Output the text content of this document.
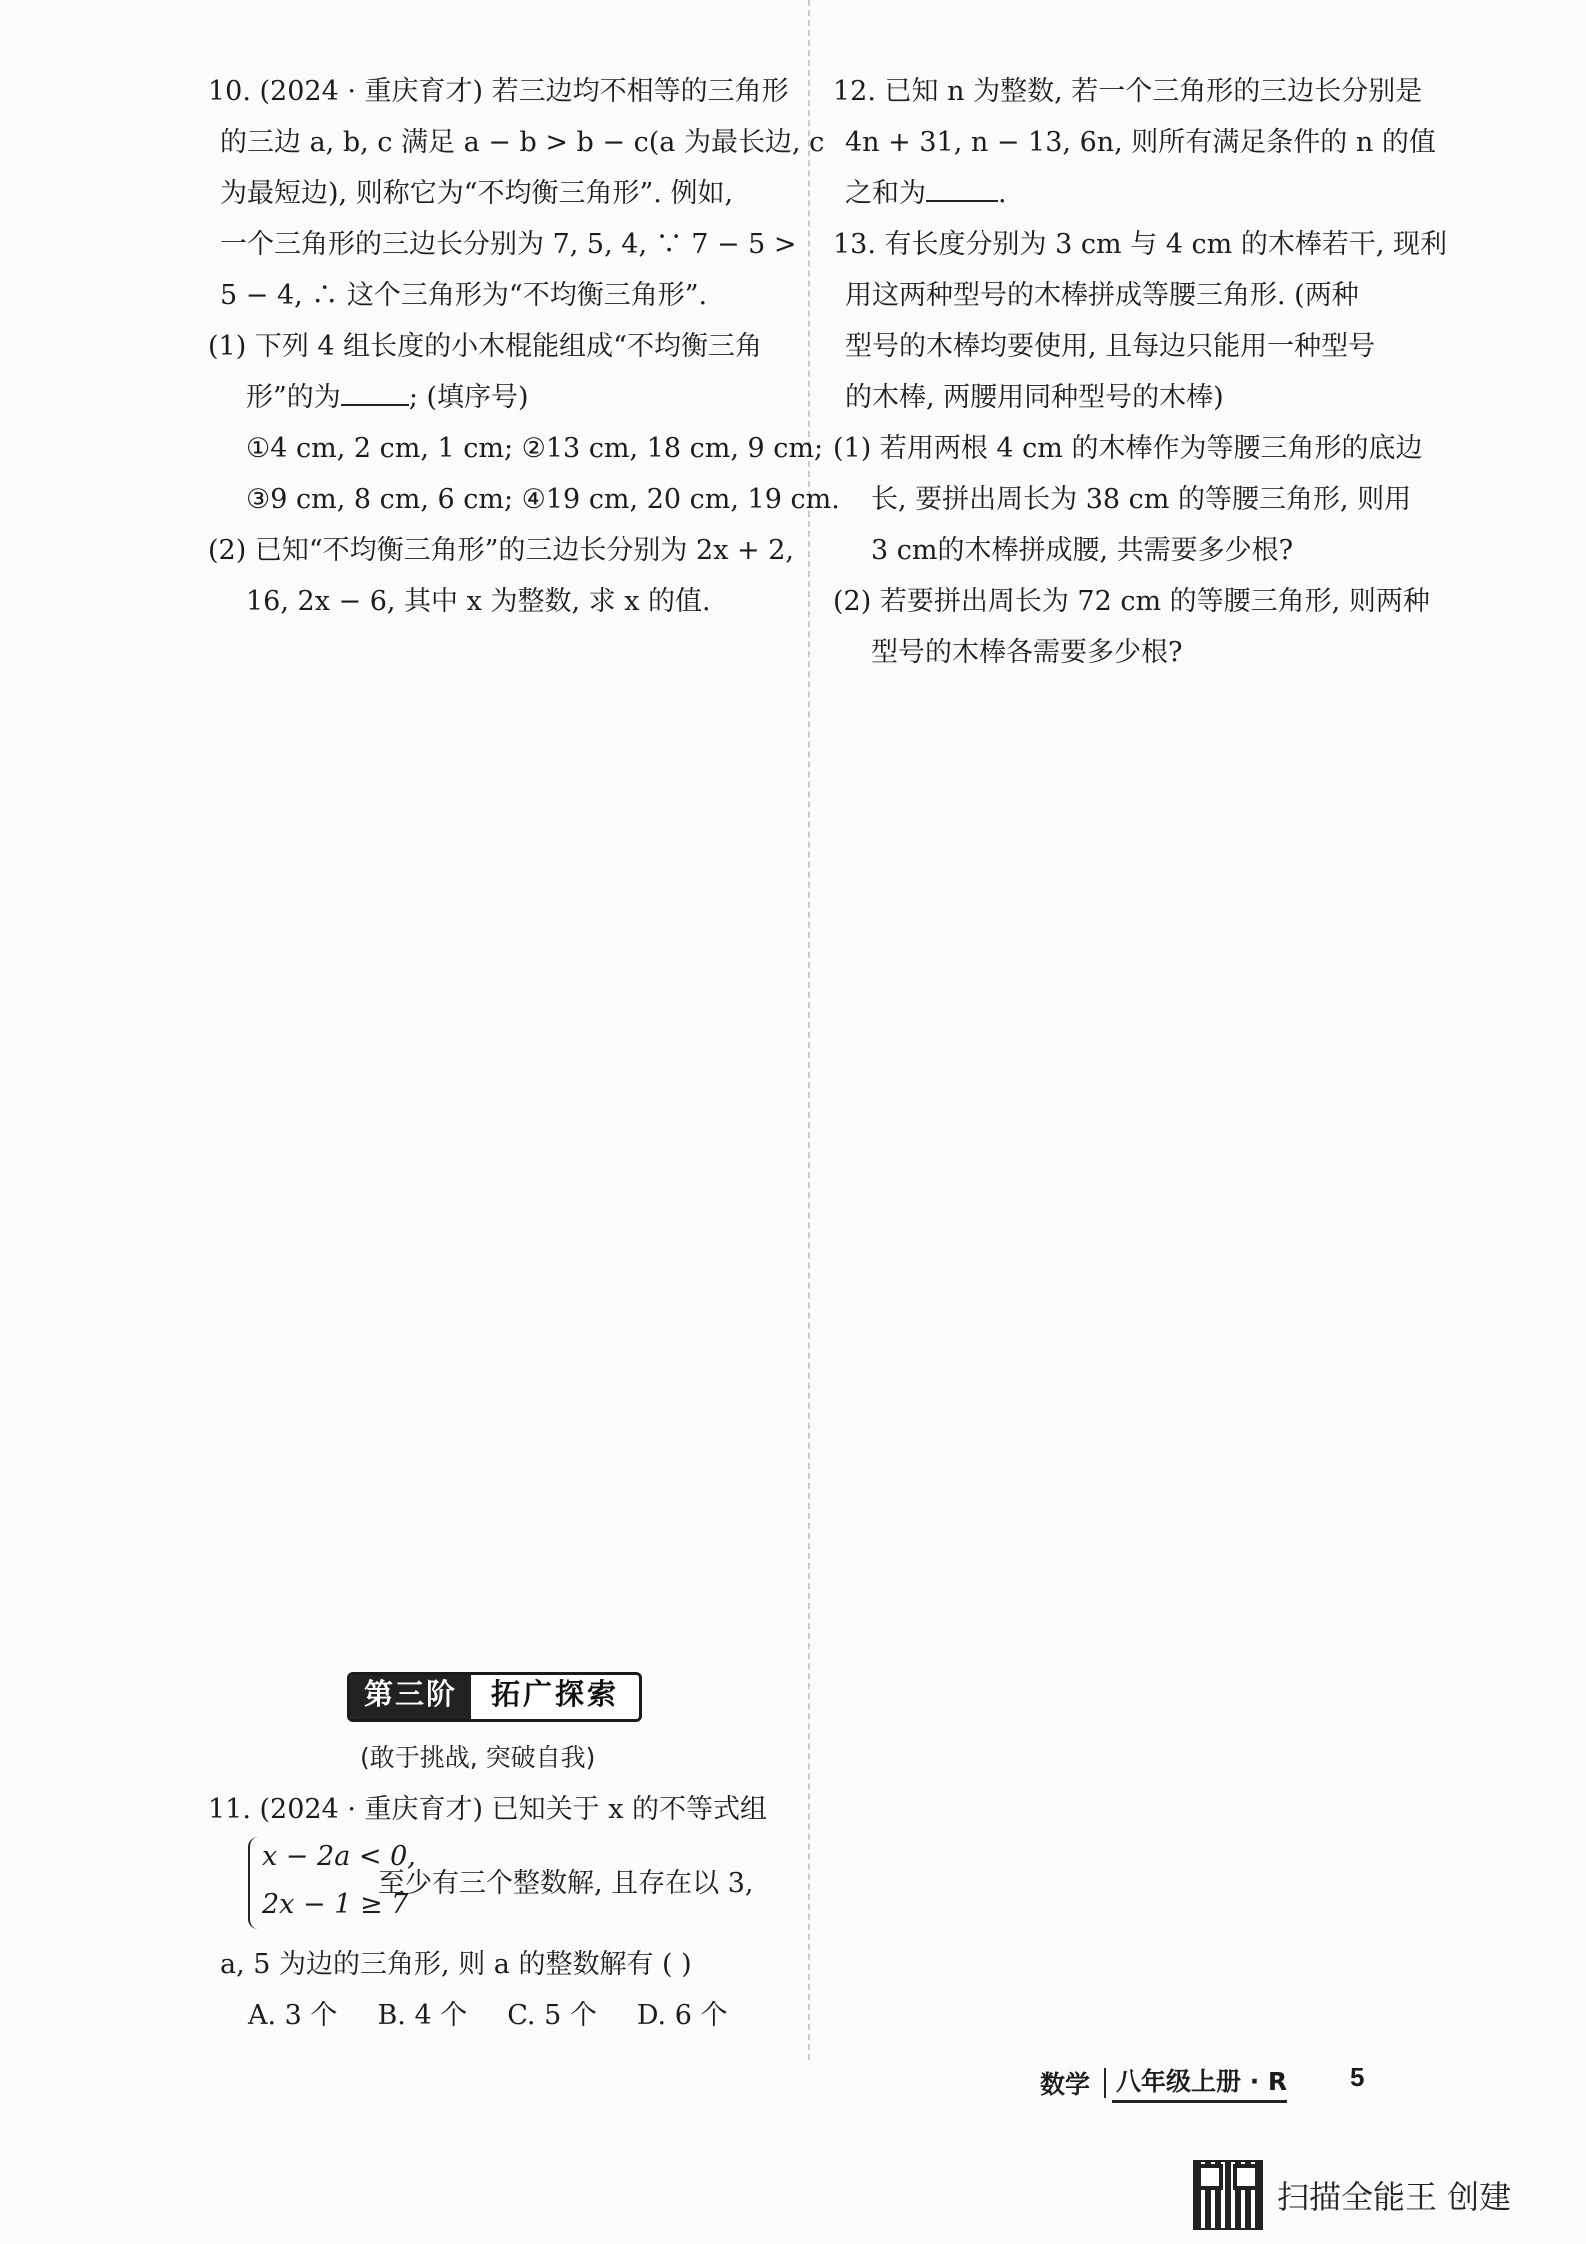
10. (2024 · 重庆育才) 若三边均不相等的三角形
的三边 a, b, c 满足 a − b > b − c(a 为最长边, c
为最短边), 则称它为“不均衡三角形”. 例如,
一个三角形的三边长分别为 7, 5, 4, ∵ 7 − 5 >
5 − 4, ∴ 这个三角形为“不均衡三角形”.
(1) 下列 4 组长度的小木棍能组成“不均衡三角
形”的为	; (填序号)
①4 cm, 2 cm, 1 cm; ②13 cm, 18 cm, 9 cm;
③9 cm, 8 cm, 6 cm; ④19 cm, 20 cm, 19 cm.
(2) 已知“不均衡三角形”的三边长分别为 2x + 2,
16, 2x − 6, 其中 x 为整数, 求 x 的值.
第三阶	拓广探索
(敢于挑战, 突破自我)
11. (2024 · 重庆育才) 已知关于 x 的不等式组
x − 2a < 0,
2x − 1 ≥ 7
至少有三个整数解, 且存在以 3,
a, 5 为边的三角形, 则 a 的整数解有 ( )
A. 3 个 B. 4 个 C. 5 个 D. 6 个
12. 已知 n 为整数, 若一个三角形的三边长分别是
4n + 31, n − 13, 6n, 则所有满足条件的 n 的值
之和为	.
13. 有长度分别为 3 cm 与 4 cm 的木棒若干, 现利
用这两种型号的木棒拼成等腰三角形. (两种
型号的木棒均要使用, 且每边只能用一种型号
的木棒, 两腰用同种型号的木棒)
(1) 若用两根 4 cm 的木棒作为等腰三角形的底边
长, 要拼出周长为 38 cm 的等腰三角形, 则用
3 cm的木棒拼成腰, 共需要多少根?
(2) 若要拼出周长为 72 cm 的等腰三角形, 则两种
型号的木棒各需要多少根?
数学	八年级上册 · R 5
扫描全能王 创建
